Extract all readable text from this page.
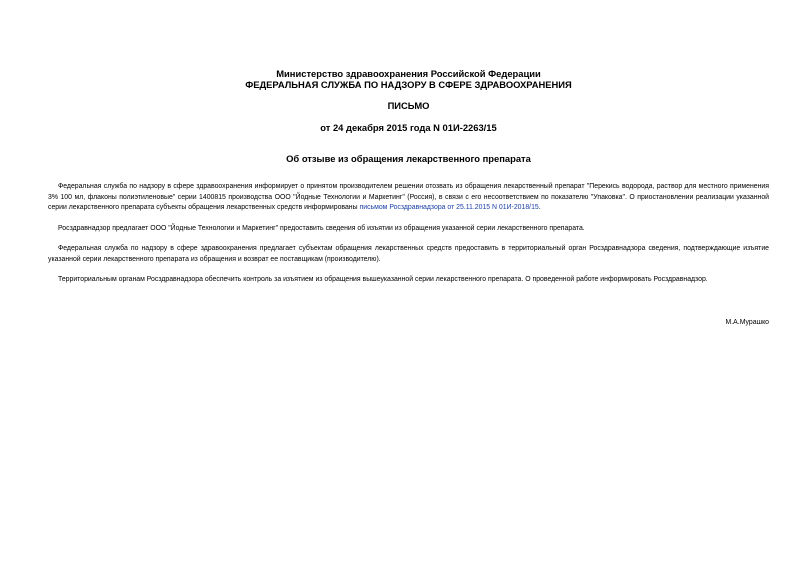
Министерство здравоохранения Российской Федерации

ФЕДЕРАЛЬНАЯ СЛУЖБА ПО НАДЗОРУ В СФЕРЕ ЗДРАВООХРАНЕНИЯ

ПИСЬМО

от 24 декабря 2015 года N 01И-2263/15

Об отзыве из обращения лекарственного препарата

Федеральная служба по надзору в сфере здравоохранения информирует о принятом производителем решении отозвать из обращения лекарственный препарат "Перекись водорода, раствор для местного применения 3% 100 мл, флаконы полиэтиленовые" серии 1400815 производства ООО "Йодные Технологии и Маркетинг" (Россия), в связи с его несоответствием по показателю "Упаковка". О приостановлении реализации указанной серии лекарственного препарата субъекты обращения лекарственных средств информированы письмом Росздравнадзора от 25.11.2015 N 01И-2018/15.

Росздравнадзор предлагает ООО "Йодные Технологии и Маркетинг" предоставить сведения об изъятии из обращения указанной серии лекарственного препарата.

Федеральная служба по надзору в сфере здравоохранения предлагает субъектам обращения лекарственных средств предоставить в территориальный орган Росздравнадзора сведения, подтверждающие изъятие указанной серии лекарственного препарата из обращения и возврат ее поставщикам (производителю).

Территориальным органам Росздравнадзора обеспечить контроль за изъятием из обращения вышеуказанной серии лекарственного препарата. О проведенной работе информировать Росздравнадзор.

М.А.Мурашко
